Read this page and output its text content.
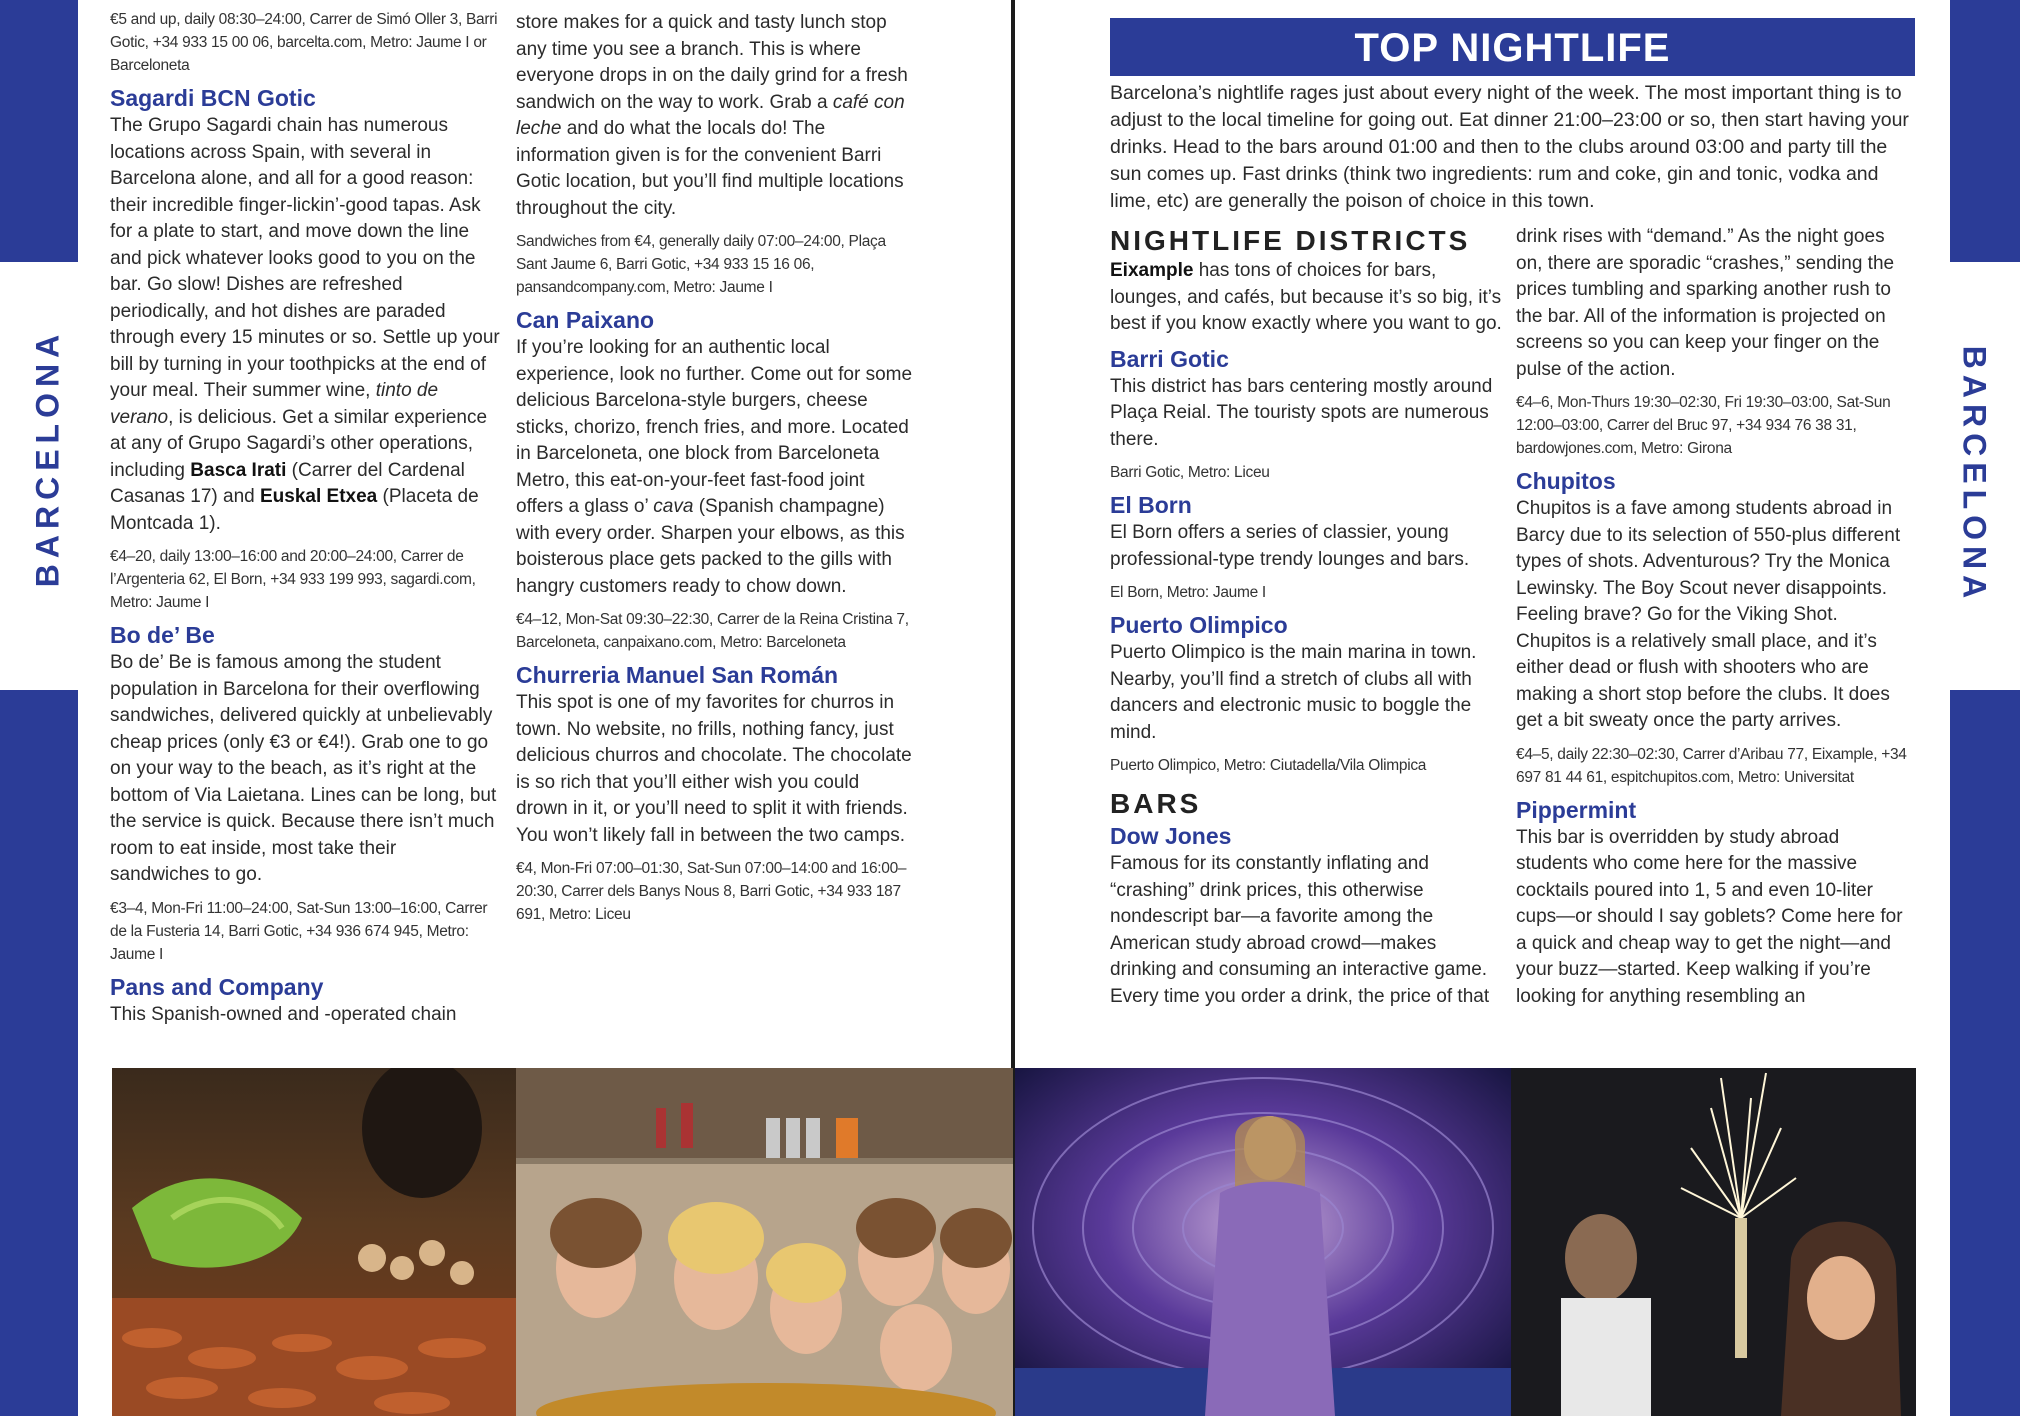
BARCELONA	BARCELONA

€5 and up, daily 08:30–24:00, Carrer de Simó Oller 3, Barri Gotic, +34 933 15 00 06, barcelta.com, Metro: Jaume I or Barceloneta

Sagardi BCN Gotic

The Grupo Sagardi chain has numerous locations across Spain, with several in Barcelona alone, and all for a good reason: their incredible finger-lickin’-good tapas. Ask for a plate to start, and move down the line and pick whatever looks good to you on the bar. Go slow! Dishes are refreshed periodically, and hot dishes are paraded through every 15 minutes or so. Settle up your bill by turning in your toothpicks at the end of your meal. Their summer wine, tinto de verano, is delicious. Get a similar experience at any of Grupo Sagardi’s other operations, including Basca Irati (Carrer del Cardenal Casanas 17) and Euskal Etxea (Placeta de Montcada 1).

€4–20, daily 13:00–16:00 and 20:00–24:00, Carrer de l’Argenteria 62, El Born, +34 933 199 993, sagardi.com, Metro: Jaume I

Bo de’ Be

Bo de’ Be is famous among the student population in Barcelona for their overflowing sandwiches, delivered quickly at unbelievably cheap prices (only €3 or €4!). Grab one to go on your way to the beach, as it’s right at the bottom of Via Laietana. Lines can be long, but the service is quick. Because there isn’t much room to eat inside, most take their sandwiches to go.

€3–4, Mon-Fri 11:00–24:00, Sat-Sun 13:00–16:00, Carrer de la Fusteria 14, Barri Gotic, +34 936 674 945, Metro: Jaume I

Pans and Company

This Spanish-owned and -operated chain

store makes for a quick and tasty lunch stop any time you see a branch. This is where everyone drops in on the daily grind for a fresh sandwich on the way to work. Grab a café con leche and do what the locals do! The information given is for the convenient Barri Gotic location, but you’ll find multiple locations throughout the city.

Sandwiches from €4, generally daily 07:00–24:00, Plaça Sant Jaume 6, Barri Gotic, +34 933 15 16 06, pansandcompany.com, Metro: Jaume I

Can Paixano

If you’re looking for an authentic local experience, look no further. Come out for some delicious Barcelona-style burgers, cheese sticks, chorizo, french fries, and more. Located in Barceloneta, one block from Barceloneta Metro, this eat-on-your-feet fast-food joint offers a glass o’ cava (Spanish champagne) with every order. Sharpen your elbows, as this boisterous place gets packed to the gills with hangry customers ready to chow down.

€4–12, Mon-Sat 09:30–22:30, Carrer de la Reina Cristina 7, Barceloneta, canpaixano.com, Metro: Barceloneta

Churreria Manuel San Román

This spot is one of my favorites for churros in town. No website, no frills, nothing fancy, just delicious churros and chocolate. The chocolate is so rich that you’ll either wish you could drown in it, or you’ll need to split it with friends. You won’t likely fall in between the two camps.

€4, Mon-Fri 07:00–01:30, Sat-Sun 07:00–14:00 and 16:00–20:30, Carrer dels Banys Nous 8, Barri Gotic, +34 933 187 691, Metro: Liceu

TOP NIGHTLIFE
Barcelona’s nightlife rages just about every night of the week. The most important thing is to adjust to the local timeline for going out. Eat dinner 21:00–23:00 or so, then start having your drinks. Head to the bars around 01:00 and then to the clubs around 03:00 and party till the sun comes up. Fast drinks (think two ingredients: rum and coke, gin and tonic, vodka and lime, etc) are generally the poison of choice in this town.

NIGHTLIFE DISTRICTS

Eixample has tons of choices for bars, lounges, and cafés, but because it’s so big, it’s best if you know exactly where you want to go.

Barri Gotic

This district has bars centering mostly around Plaça Reial. The touristy spots are numerous there.

Barri Gotic, Metro: Liceu

El Born

El Born offers a series of classier, young professional-type trendy lounges and bars.

El Born, Metro: Jaume I

Puerto Olimpico

Puerto Olimpico is the main marina in town. Nearby, you’ll find a stretch of clubs all with dancers and electronic music to boggle the mind.

Puerto Olimpico, Metro: Ciutadella/Vila Olimpica

BARS

Dow Jones

Famous for its constantly inflating and “crashing” drink prices, this otherwise nondescript bar—a favorite among the American study abroad crowd—makes drinking and consuming an interactive game. Every time you order a drink, the price of that

drink rises with “demand.” As the night goes on, there are sporadic “crashes,” sending the prices tumbling and sparking another rush to the bar. All of the information is projected on screens so you can keep your finger on the pulse of the action.

€4–6, Mon-Thurs 19:30–02:30, Fri 19:30–03:00, Sat-Sun 12:00–03:00, Carrer del Bruc 97, +34 934 76 38 31, bardowjones.com, Metro: Girona

Chupitos

Chupitos is a fave among students abroad in Barcy due to its selection of 550-plus different types of shots. Adventurous? Try the Monica Lewinsky. The Boy Scout never disappoints. Feeling brave? Go for the Viking Shot. Chupitos is a relatively small place, and it’s either dead or flush with shooters who are making a short stop before the clubs. It does get a bit sweaty once the party arrives.

€4–5, daily 22:30–02:30, Carrer d’Aribau 77, Eixample, +34 697 81 44 61, espitchupitos.com, Metro: Universitat

Pippermint

This bar is overridden by study abroad students who come here for the massive cocktails poured into 1, 5 and even 10-liter cups—or should I say goblets? Come here for a quick and cheap way to get the night—and your buzz—started. Keep walking if you’re looking for anything resembling an
